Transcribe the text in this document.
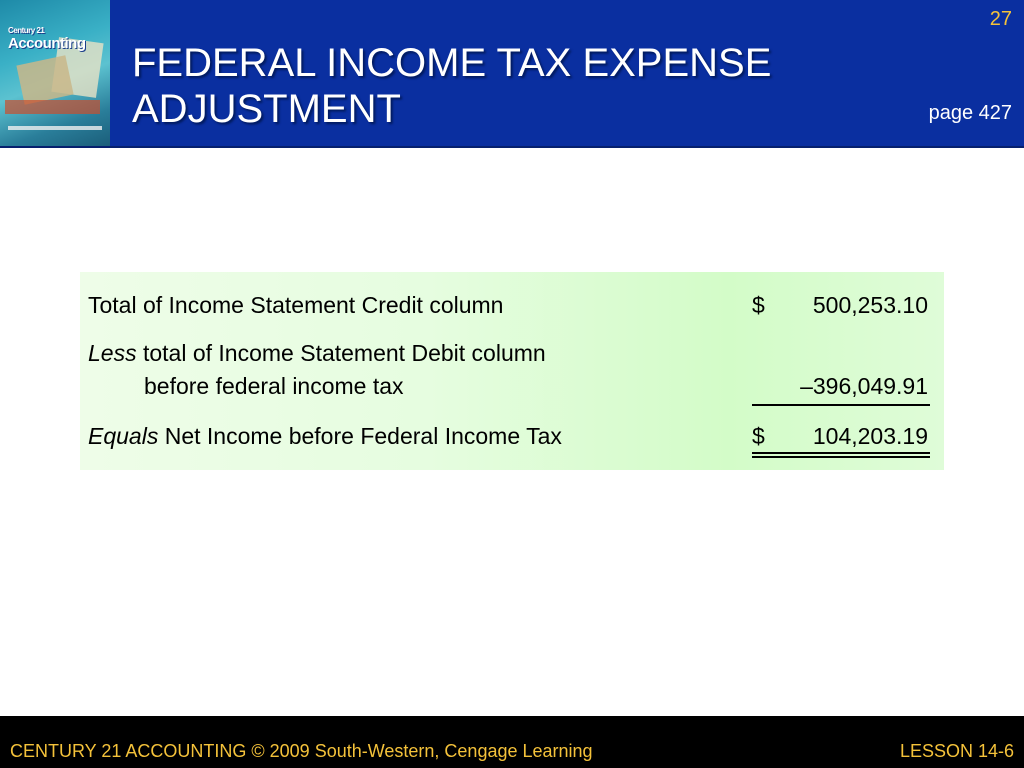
Century 21
Accounting FEDERAL INCOME TAX EXPENSE
ADJUSTMENT
27
page 427
Total of Income Statement Credit column	$ 500,253.10
Less total of Income Statement Debit column
before federal income tax	–396,049.91
Equals Net Income before Federal Income Tax	$ 104,203.19
CENTURY 21 ACCOUNTING © 2009 South-Western, Cengage Learning	LESSON 14-6
